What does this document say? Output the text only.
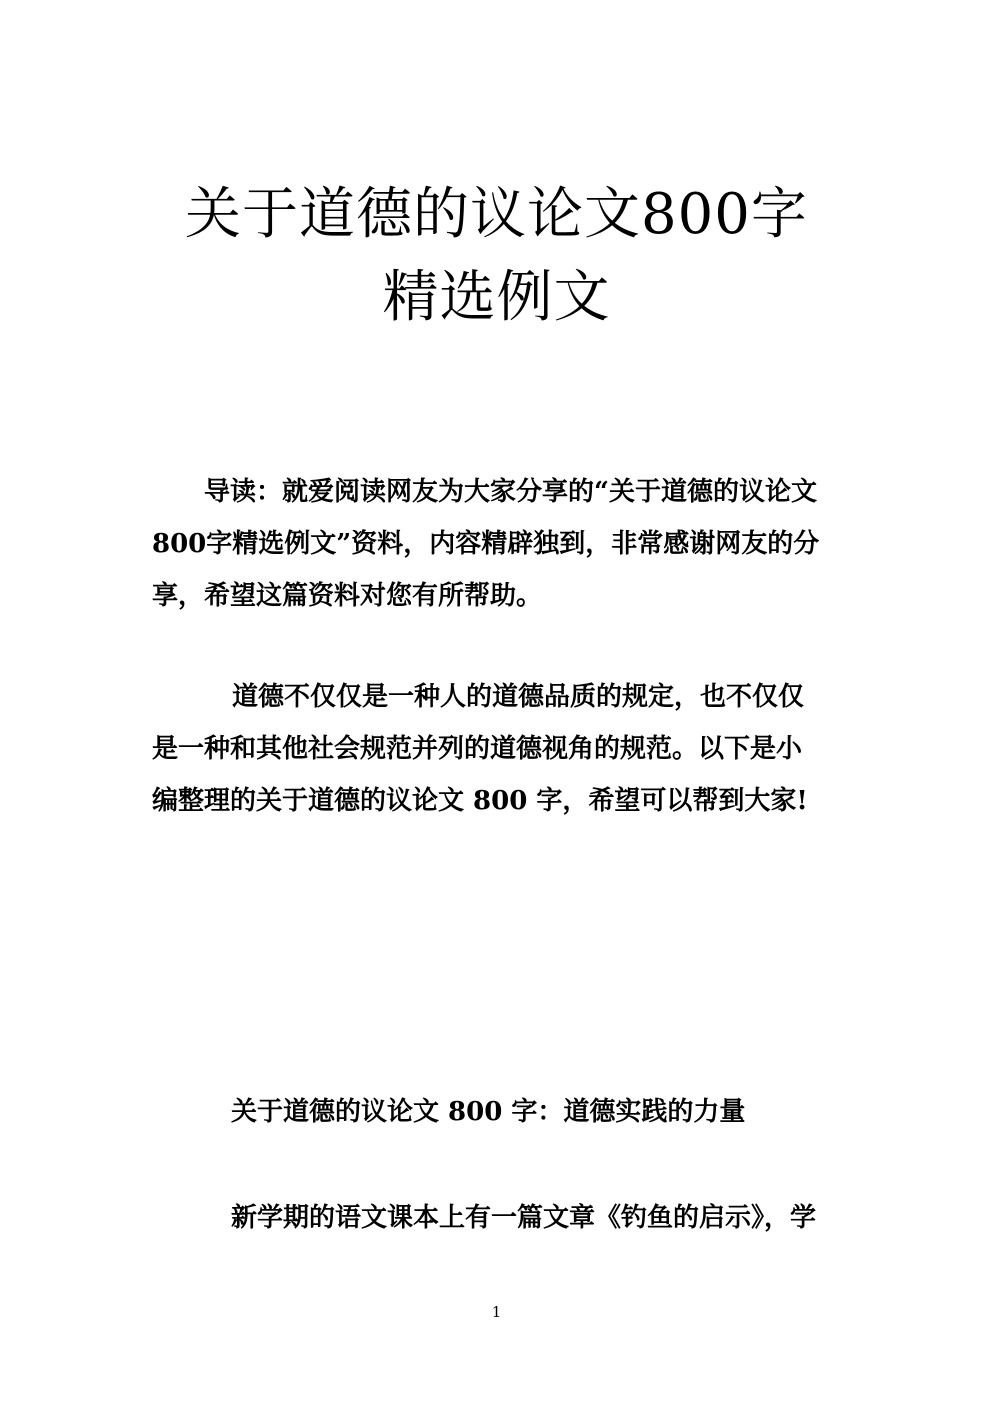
关于道德的议论文800字
精选例文

导读：就爱阅读网友为大家分享的“关于道德的议论文
800字精选例文”资料，内容精辟独到，非常感谢网友的分
享，希望这篇资料对您有所帮助。

道德不仅仅是一种人的道德品质的规定，也不仅仅
是一种和其他社会规范并列的道德视角的规范。以下是小
编整理的关于道德的议论文 800 字，希望可以帮到大家!

关于道德的议论文 800 字：道德实践的力量

新学期的语文课本上有一篇文章《钓鱼的启示》，学

1
